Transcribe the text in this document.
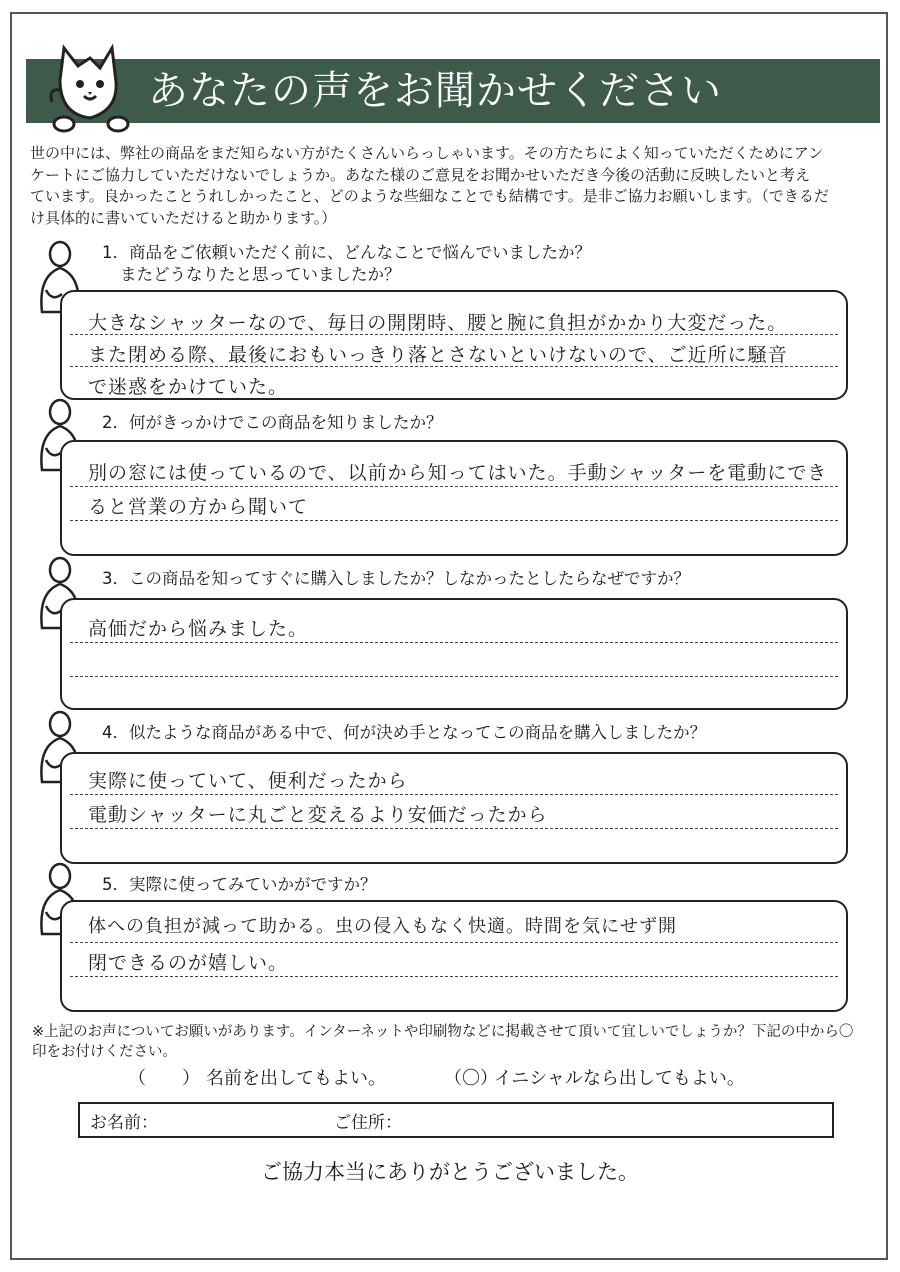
あなたの声をお聞かせください
世の中には、弊社の商品をまだ知らない方がたくさんいらっしゃいます。その方たちによく知っていただくためにアン
ケートにご協力していただけないでしょうか。あなた様のご意見をお聞かせいただき今後の活動に反映したいと考え
ています。良かったことうれしかったこと、どのような些細なことでも結構です。是非ご協力お願いします。（できるだ
け具体的に書いていただけると助かります。）
1．商品をご依頼いただく前に、どんなことで悩んでいましたか？
またどうなりたと思っていましたか？
大きなシャッターなので、毎日の開閉時、腰と腕に負担がかかり大変だった。
また閉める際、最後におもいっきり落とさないといけないので、ご近所に騒音
で迷惑をかけていた。
2．何がきっかけでこの商品を知りましたか？
別の窓には使っているので、以前から知ってはいた。手動シャッターを電動にでき
ると営業の方から聞いて
3．この商品を知ってすぐに購入しましたか？しなかったとしたらなぜですか？
高価だから悩みました。
4．似たような商品がある中で、何が決め手となってこの商品を購入しましたか？
実際に使っていて、便利だったから
電動シャッターに丸ごと変えるより安価だったから
5．実際に使ってみていかがですか？
体への負担が減って助かる。虫の侵入もなく快適。時間を気にせず開
閉できるのが嬉しい。
※上記のお声についてお願いがあります。インターネットや印刷物などに掲載させて頂いて宜しいでしょうか？下記の中から〇
印をお付けください。
（　　） 名前を出してもよい。	（〇）
イニシャルなら出してもよい。
お名前：	ご住所：
ご協力本当にありがとうございました。
